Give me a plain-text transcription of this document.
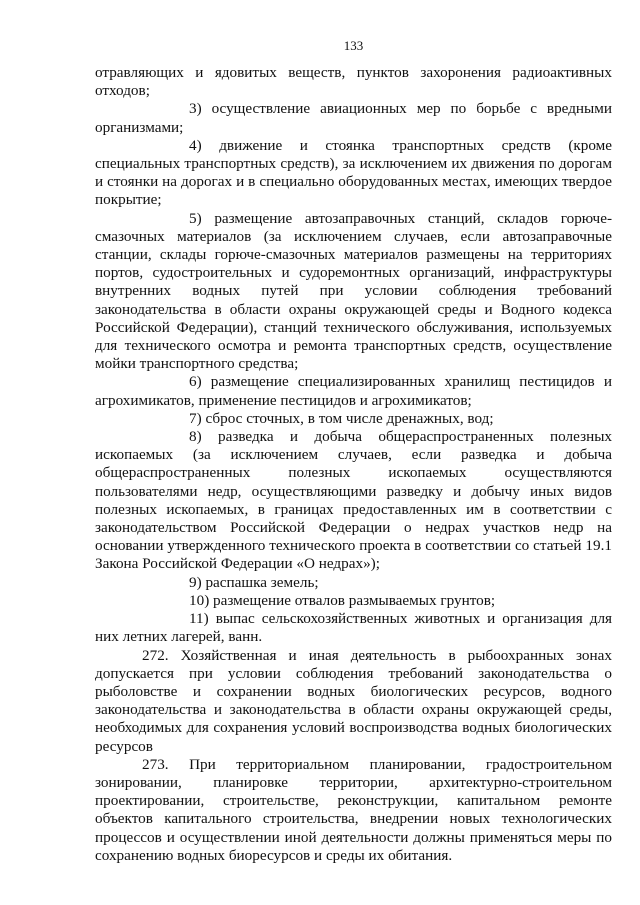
133

отравляющих и ядовитых веществ, пунктов захоронения радиоактивных отходов;

3) осуществление авиационных мер по борьбе с вредными организмами;

4) движение и стоянка транспортных средств (кроме специальных транспортных средств), за исключением их движения по дорогам и стоянки на дорогах и в специально оборудованных местах, имеющих твердое покрытие;

5) размещение автозаправочных станций, складов горюче-смазочных материалов (за исключением случаев, если автозаправочные станции, склады горюче-смазочных материалов размещены на территориях портов, судостроительных и судоремонтных организаций, инфраструктуры внутренних водных путей при условии соблюдения требований законодательства в области охраны окружающей среды и Водного кодекса Российской Федерации), станций технического обслуживания, используемых для технического осмотра и ремонта транспортных средств, осуществление мойки транспортного средства;

6) размещение специализированных хранилищ пестицидов и агрохимикатов, применение пестицидов и агрохимикатов;

7) сброс сточных, в том числе дренажных, вод;

8) разведка и добыча общераспространенных полезных ископаемых (за исключением случаев, если разведка и добыча общераспространенных полезных ископаемых осуществляются пользователями недр, осуществляющими разведку и добычу иных видов полезных ископаемых, в границах предоставленных им в соответствии с законодательством Российской Федерации о недрах участков недр на основании утвержденного технического проекта в соответствии со статьей 19.1 Закона Российской Федерации «О недрах»);

9) распашка земель;

10) размещение отвалов размываемых грунтов;

11) выпас сельскохозяйственных животных и организация для них летних лагерей, ванн.

272. Хозяйственная и иная деятельность в рыбоохранных зонах допускается при условии соблюдения требований законодательства о рыболовстве и сохранении водных биологических ресурсов, водного законодательства и законодательства в области охраны окружающей среды, необходимых для сохранения условий воспроизводства водных биологических ресурсов

273. При территориальном планировании, градостроительном зонировании, планировке территории, архитектурно-строительном проектировании, строительстве, реконструкции, капитальном ремонте объектов капитального строительства, внедрении новых технологических процессов и осуществлении иной деятельности должны применяться меры по сохранению водных биоресурсов и среды их обитания.
